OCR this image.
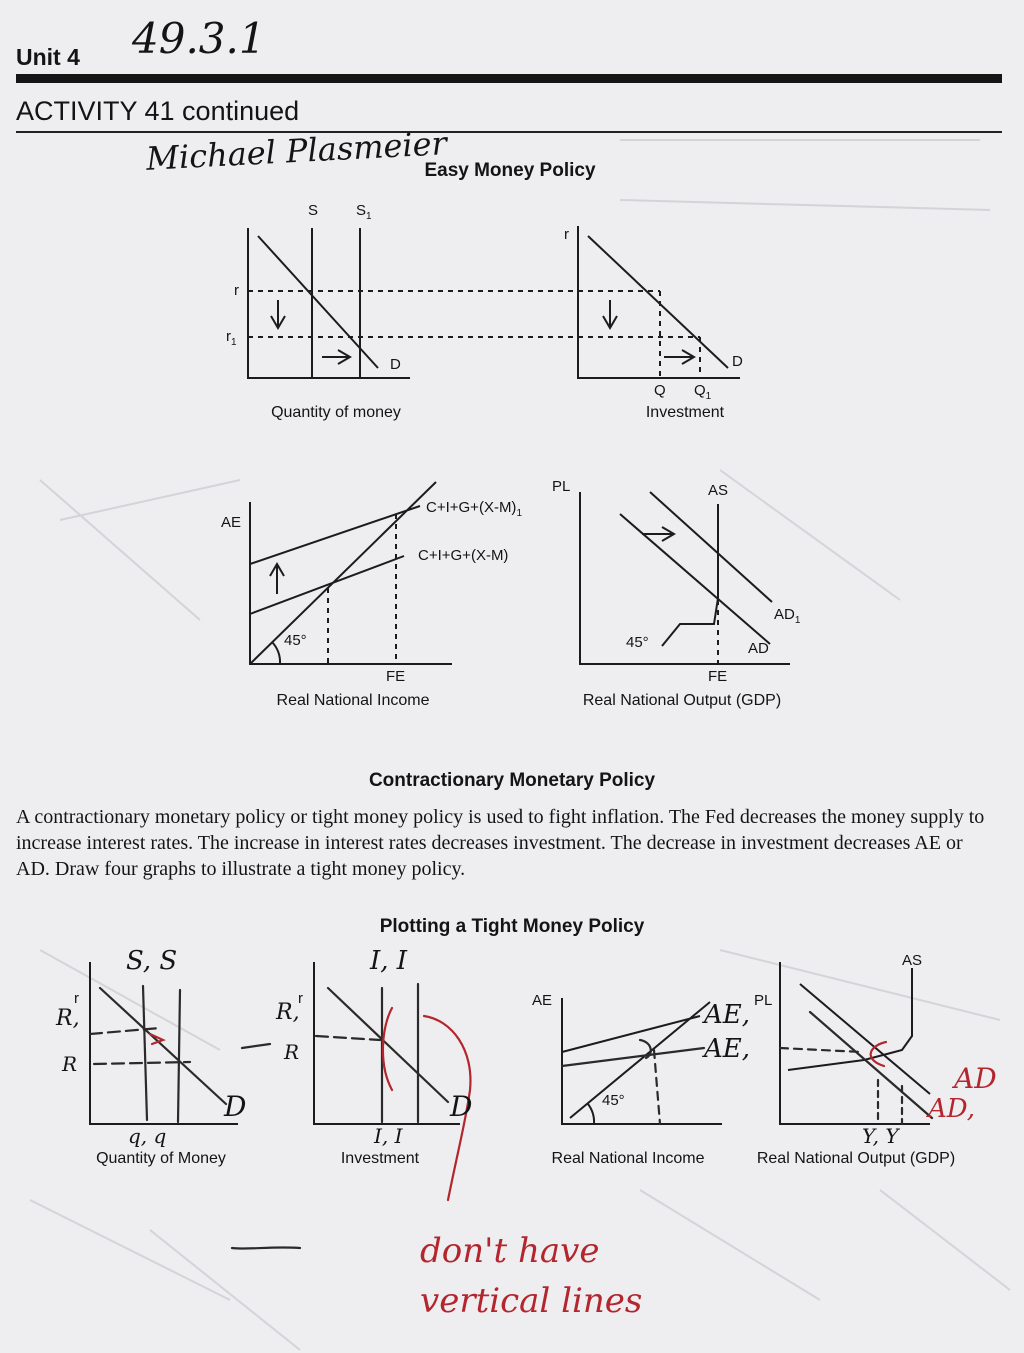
Unit 4 49.3.1
ACTIVITY 41 continued
Michael Plasmeier
Easy Money Policy
S	$S_1$
r
$r_1$
D
Quantity of money
r
D
Q $Q_1$
Investment
AE
$C+I+G+(X-M)_1$
C+I+G+(X-M)
45°
FE
Real National Income
PL	AS
$AD_1$
AD
45°
FE
Real National Output (GDP)
Contractionary Monetary Policy
A contractionary monetary policy or tight money policy is used to fight inflation. The Fed decreases the money supply to increase interest rates. The increase in interest rates decreases investment. The decrease in investment decreases AE or AD. Draw four graphs to illustrate a tight money policy.
Plotting a Tight Money Policy
r
S, S
R,
R
D
q, q
Quantity of Money
r
I, I
R,
R
D
I, I
Investment
AE
45°
AE,
AE,
Real National Income
PL
AS
AD
AD,
Y, Y
Real National Output (GDP)
don't have vertical lines
